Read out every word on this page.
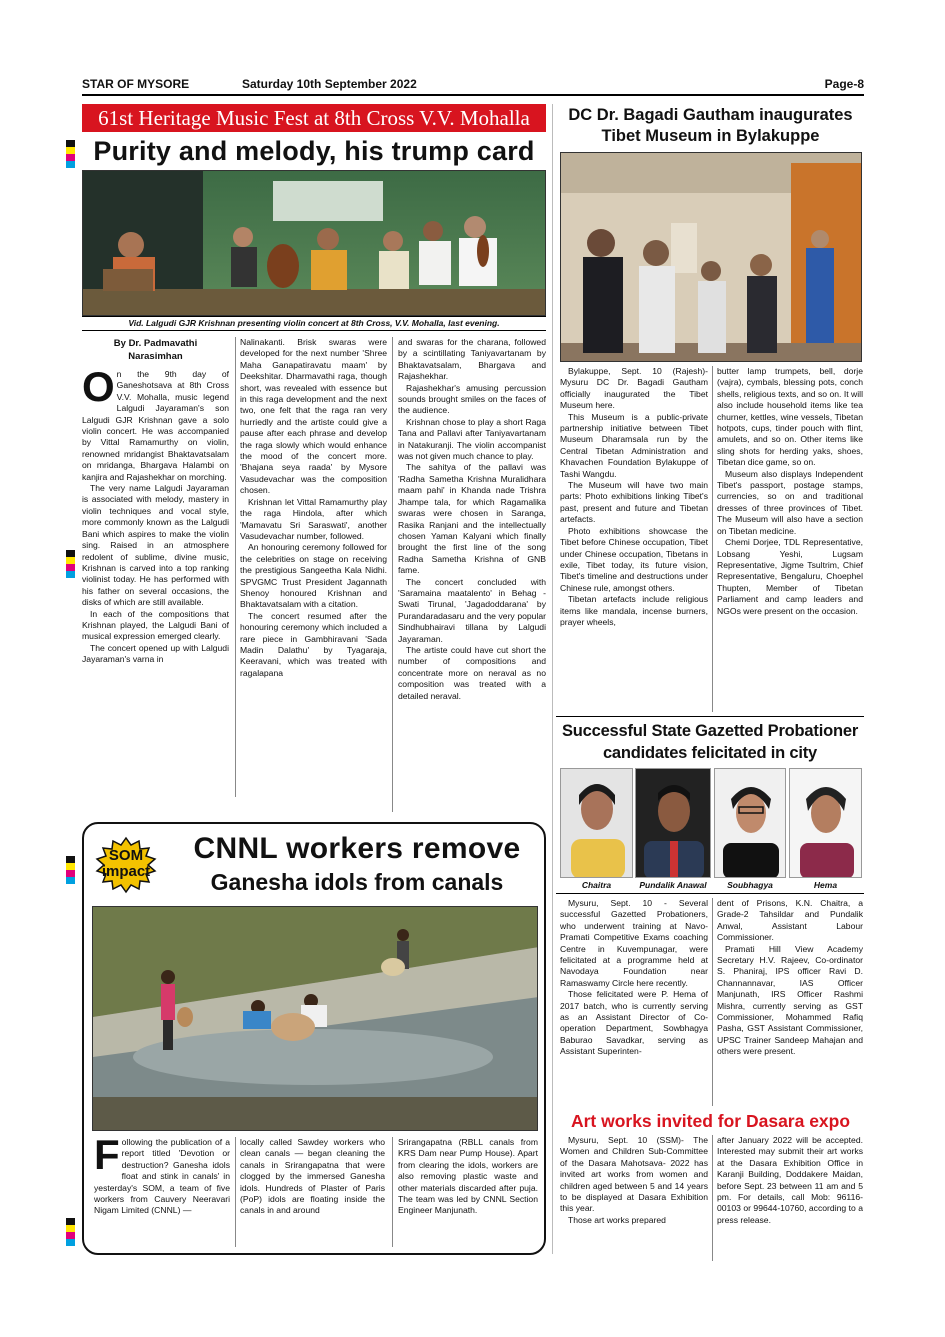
STAR OF MYSORE	Saturday 10th September 2022	Page-8
61st Heritage Music Fest at 8th Cross V.V. Mohalla
Purity and melody, his trump card
Vid. Lalgudi GJR Krishnan presenting violin concert at 8th Cross, V.V. Mohalla, last evening.

By Dr. Padmavathi
Narasimhan

On the 9th day of Ganeshotsava at 8th Cross V.V. Mohalla, music legend Lalgudi Jayaraman's son Lalgudi GJR Krishnan gave a solo violin concert. He was accompanied by Vittal Ramamurthy on violin, renowned mridangist Bhaktavatsalam on mridanga, Bhargava Halambi on kanjira and Rajashekhar on morching.

The very name Lalgudi Jayaraman is associated with melody, mastery in violin techniques and vocal style, more commonly known as the Lalgudi Bani which aspires to make the violin sing. Raised in an atmosphere redolent of sublime, divine music, Krishnan is carved into a top ranking violinist today. He has performed with his father on several occasions, the disks of which are still available.

In each of the compositions that Krishnan played, the Lalgudi Bani of musical expression emerged clearly.

The concert opened up with Lalgudi Jayaraman's varna in

Nalinakanti. Brisk swaras were developed for the next number 'Shree Maha Ganapatiravatu maam' by Deekshitar. Dharmavathi raga, though short, was revealed with essence but in this raga development and the next two, one felt that the raga ran very hurriedly and the artiste could give a pause after each phrase and develop the raga slowly which would enhance the mood of the concert more. 'Bhajana seya raada' by Mysore Vasudevachar was the composition chosen.

Krishnan let Vittal Ramamurthy play the raga Hindola, after which 'Mamavatu Sri Saraswati', another Vasudevachar number, followed.

An honouring ceremony followed for the celebrities on stage on receiving the prestigious Sangeetha Kala Nidhi. SPVGMC Trust President Jagannath Shenoy honoured Krishnan and Bhaktavatsalam with a citation.

The concert resumed after the honouring ceremony which included a rare piece in Gambhiravani 'Sada Madin Dalathu' by Tyagaraja, Keeravani, which was treated with ragalapana

and swaras for the charana, followed by a scintillating Taniyavartanam by Bhaktavatsalam, Bhargava and Rajashekhar.

Rajashekhar's amusing percussion sounds brought smiles on the faces of the audience.

Krishnan chose to play a short Raga Tana and Pallavi after Taniyavartanam in Natakuranji. The violin accompanist was not given much chance to play.

The sahitya of the pallavi was 'Radha Sametha Krishna Muralidhara maam pahi' in Khanda nade Trishra Jhampe tala, for which Ragamalika swaras were chosen in Saranga, Rasika Ranjani and the intellectually chosen Yaman Kalyani which finally brought the first line of the song Radha Sametha Krishna of GNB fame.

The concert concluded with 'Saramaina maatalento' in Behag - Swati Tirunal, 'Jagadoddarana' by Purandaradasaru and the very popular Sindhubhairavi tillana by Lalgudi Jayaraman.

The artiste could have cut short the number of compositions and concentrate more on neraval as no composition was treated with a detailed neraval.

DC Dr. Bagadi Gautham inaugurates
Tibet Museum in Bylakuppe

Bylakuppe, Sept. 10 (Rajesh)- Mysuru DC Dr. Bagadi Gautham officially inaugurated the Tibet Museum here.

This Museum is a public-private partnership initiative between Tibet Museum Dharamsala run by the Central Tibetan Administration and Khavachen Foundation Bylakuppe of Tashi Wangdu.

The Museum will have two main parts: Photo exhibitions linking Tibet's past, present and future and Tibetan artefacts.

Photo exhibitions showcase the Tibet before Chinese occupation, Tibet under Chinese occupation, Tibetans in exile, Tibet today, its future vision, Tibet's timeline and destructions under Chinese rule, amongst others.

Tibetan artefacts include religious items like mandala, incense burners, prayer wheels,

butter lamp trumpets, bell, dorje (vajra), cymbals, blessing pots, conch shells, religious texts, and so on. It will also include household items like tea churner, kettles, wine vessels, Tibetan hotpots, cups, tinder pouch with flint, amulets, and so on. Other items like sling shots for herding yaks, shoes, Tibetan dice game, so on.

Museum also displays Independent Tibet's passport, postage stamps, currencies, so on and traditional dresses of three provinces of Tibet. The Museum will also have a section on Tibetan medicine.

Chemi Dorjee, TDL Representative, Lobsang Yeshi, Lugsam Representative, Jigme Tsultrim, Chief Representative, Bengaluru, Choephel Thupten, Member of Tibetan Parliament and camp leaders and NGOs were present on the occasion.

Successful State Gazetted Probationer
candidates felicitated in city
Chaitra	Pundalik Anawal	Soubhagya	Hema

Mysuru, Sept. 10 - Several successful Gazetted Probationers, who underwent training at Navo-Pramati Competitive Exams coaching Centre in Kuvempunagar, were felicitated at a programme held at Navodaya Foundation near Ramaswamy Circle here recently.

Those felicitated were P. Hema of 2017 batch, who is currently serving as an Assistant Director of Co-operation Department, Sowbhagya Baburao Savadkar, serving as Assistant Superinten-

dent of Prisons, K.N. Chaitra, a Grade-2 Tahsildar and Pundalik Anwal, Assistant Labour Commissioner.

Pramati Hill View Academy Secretary H.V. Rajeev, Co-ordinator S. Phaniraj, IPS officer Ravi D. Channannavar, IAS Officer Manjunath, IRS Officer Rashmi Mishra, currently serving as GST Commissioner, Mohammed Rafiq Pasha, GST Assistant Commissioner, UPSC Trainer Sandeep Mahajan and others were present.

Art works invited for Dasara expo

Mysuru, Sept. 10 (SSM)- The Women and Children Sub-Committee of the Dasara Mahotsava- 2022 has invited art works from women and children aged between 5 and 14 years to be displayed at Dasara Exhibition this year.

Those art works prepared

after January 2022 will be accepted. Interested may submit their art works at the Dasara Exhibition Office in Karanji Building, Doddakere Maidan, before Sept. 23 between 11 am and 5 pm. For details, call Mob: 96116-00103 or 99644-10760, according to a press release.

SOM
impact
CNNL workers remove
Ganesha idols from canals

Following the publication of a report titled 'Devotion or destruction? Ganesha idols float and stink in canals' in yesterday's SOM, a team of five workers from Cauvery Neeravari Nigam Limited (CNNL) —

locally called Sawdey workers who clean canals — began cleaning the canals in Srirangapatna that were clogged by the immersed Ganesha idols. Hundreds of Plaster of Paris (PoP) idols are floating inside the canals in and around

Srirangapatna (RBLL canals from KRS Dam near Pump House). Apart from clearing the idols, workers are also removing plastic waste and other materials discarded after puja. The team was led by CNNL Section Engineer Manjunath.
